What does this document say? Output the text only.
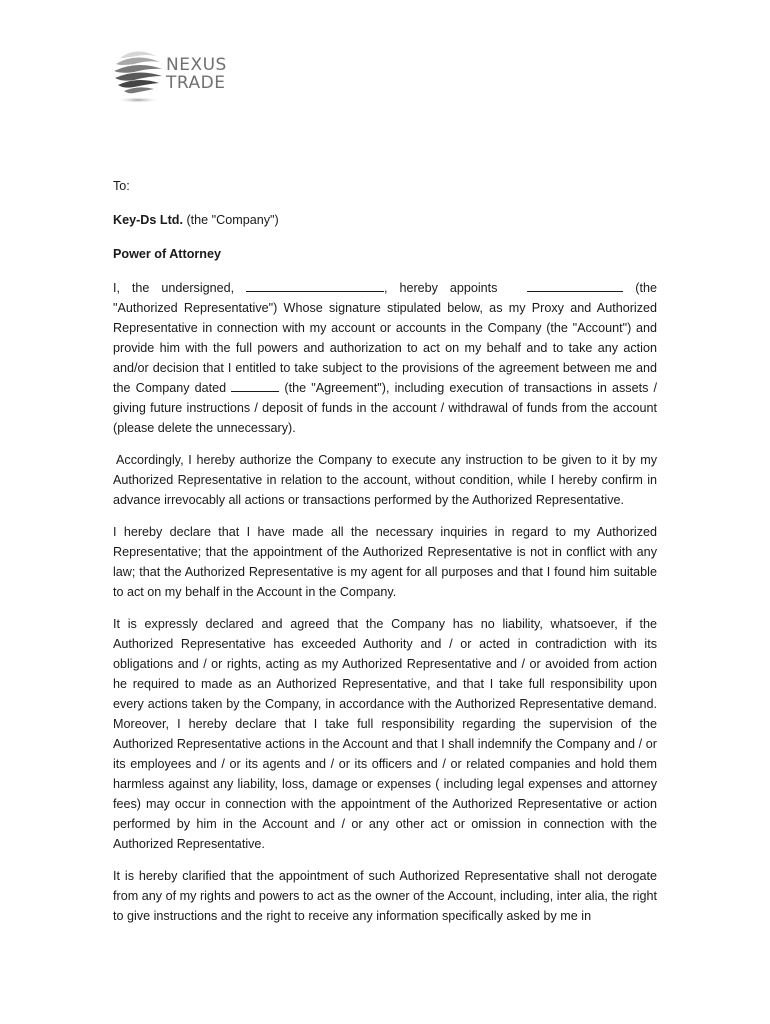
NEXUS
TRADE

To:

Key-Ds Ltd. (the "Company")

Power of Attorney

I, the undersigned,	, hereby appoints	(the "Authorized Representative") Whose signature stipulated below, as my Proxy and Authorized Representative in connection with my account or accounts in the Company (the "Account") and provide him with the full powers and authorization to act on my behalf and to take any action and/or decision that I entitled to take subject to the provisions of the agreement between me and the Company dated	(the "Agreement"), including execution of transactions in assets / giving future instructions / deposit of funds in the account / withdrawal of funds from the account (please delete the unnecessary).

Accordingly, I hereby authorize the Company to execute any instruction to be given to it by my Authorized Representative in relation to the account, without condition, while I hereby confirm in advance irrevocably all actions or transactions performed by the Authorized Representative.

I hereby declare that I have made all the necessary inquiries in regard to my Authorized Representative; that the appointment of the Authorized Representative is not in conflict with any law; that the Authorized Representative is my agent for all purposes and that I found him suitable to act on my behalf in the Account in the Company.

It is expressly declared and agreed that the Company has no liability, whatsoever, if the Authorized Representative has exceeded Authority and / or acted in contradiction with its obligations and / or rights, acting as my Authorized Representative and / or avoided from action he required to made as an Authorized Representative, and that I take full responsibility upon every actions taken by the Company, in accordance with the Authorized Representative demand. Moreover, I hereby declare that I take full responsibility regarding the supervision of the Authorized Representative actions in the Account and that I shall indemnify the Company and / or its employees and / or its agents and / or its officers and / or related companies and hold them harmless against any liability, loss, damage or expenses ( including legal expenses and attorney fees) may occur in connection with the appointment of the Authorized Representative or action performed by him in the Account and / or any other act or omission in connection with the Authorized Representative.

It is hereby clarified that the appointment of such Authorized Representative shall not derogate from any of my rights and powers to act as the owner of the Account, including, inter alia, the right to give instructions and the right to receive any information specifically asked by me in
